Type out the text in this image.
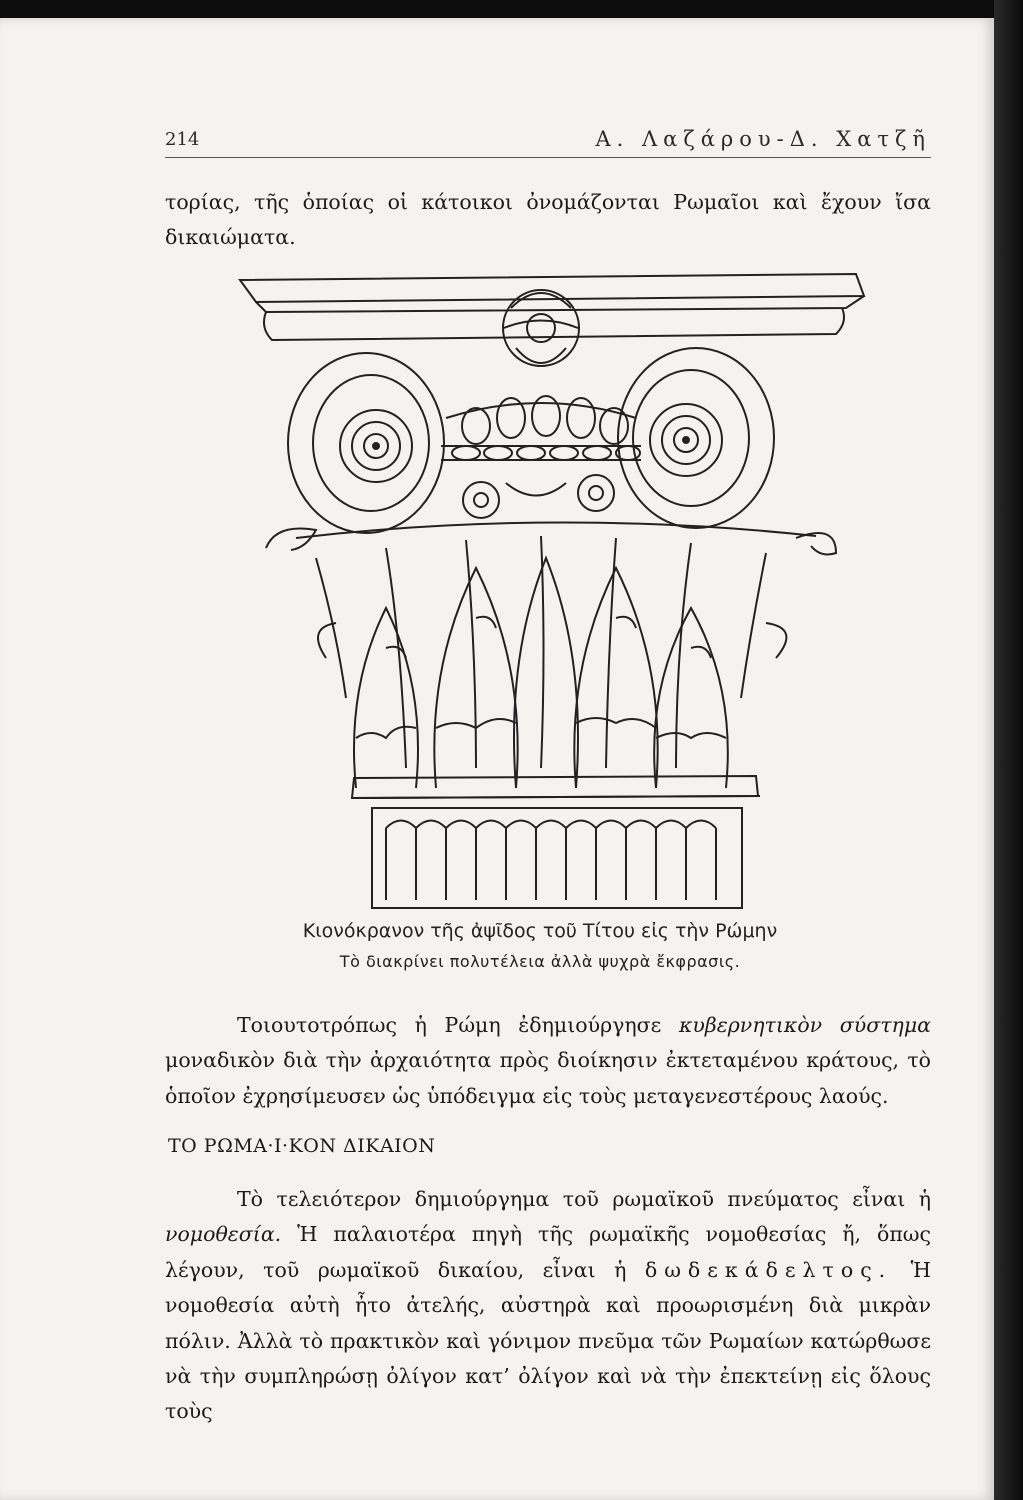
214	Α. Λαζάρου-Δ. Χατζῆ

τορίας, τῆς ὁποίας οἱ κάτοικοι ὀνομάζονται Ρωμαῖοι καὶ ἔχουν ἴσα δικαιώματα.

Κιονόκρανον τῆς ἀψῖδος τοῦ Τίτου εἰς τὴν Ρώμην
Τὸ διακρίνει πολυτέλεια ἀλλὰ ψυχρὰ ἔκφρασις.

Τοιουτοτρόπως ἡ Ρώμη ἐδημιούργησε κυβερνητικὸν σύστημα μοναδικὸν διὰ τὴν ἀρχαιότητα πρὸς διοίκησιν ἐκτεταμένου κράτους, τὸ ὁποῖον ἐχρησίμευσεν ὡς ὑπόδειγμα εἰς τοὺς μεταγενεστέρους λαούς.

ΤΟ ΡΩΜΑ·Ι·ΚΟΝ ΔΙΚΑΙΟΝ

Τὸ τελειότερον δημιούργημα τοῦ ρωμαϊκοῦ πνεύματος εἶναι ἡ νομοθεσία. Ἡ παλαιοτέρα πηγὴ τῆς ρωμαϊκῆς νομοθεσίας ἤ, ὅπως λέγουν, τοῦ ρωμαϊκοῦ δικαίου, εἶναι ἡ δωδεκάδελτος. Ἡ νομοθεσία αὐτὴ ἦτο ἀτελής, αὐστηρὰ καὶ προωρισμένη διὰ μικρὰν πόλιν. Ἀλλὰ τὸ πρακτικὸν καὶ γόνιμον πνεῦμα τῶν Ρωμαίων κατώρθωσε νὰ τὴν συμπληρώσῃ ὀλίγον κατ’ ὀλίγον καὶ νὰ τὴν ἐπεκτείνῃ εἰς ὅλους τοὺς
